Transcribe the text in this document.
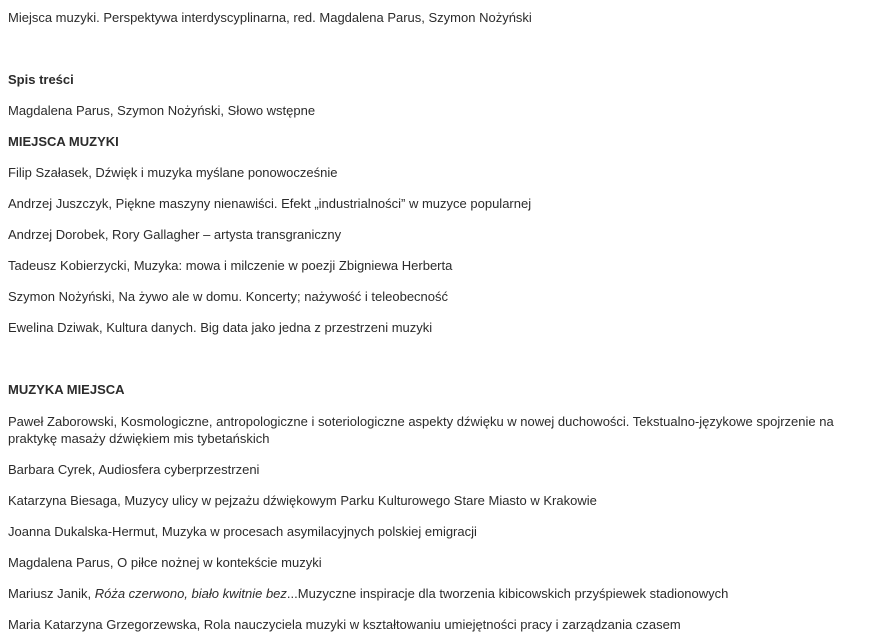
Miejsca muzyki. Perspektywa interdyscyplinarna, red. Magdalena Parus, Szymon Nożyński
Spis treści
Magdalena Parus, Szymon Nożyński, Słowo wstępne
MIEJSCA MUZYKI
Filip Szałasek, Dźwięk i muzyka myślane ponowocześnie
Andrzej Juszczyk, Piękne maszyny nienawiści. Efekt „industrialności” w muzyce popularnej
Andrzej Dorobek, Rory Gallagher – artysta transgraniczny
Tadeusz Kobierzycki, Muzyka: mowa i milczenie w poezji Zbigniewa Herberta
Szymon Nożyński, Na żywo ale w domu. Koncerty; nażywość i teleobecność
Ewelina Dziwak, Kultura danych. Big data jako jedna z przestrzeni muzyki
MUZYKA MIEJSCA
Paweł Zaborowski, Kosmologiczne, antropologiczne i soteriologiczne aspekty dźwięku w nowej duchowości. Tekstualno-językowe spojrzenie na praktykę masaży dźwiękiem mis tybetańskich
Barbara Cyrek, Audiosfera cyberprzestrzeni
Katarzyna Biesaga, Muzycy ulicy w pejzażu dźwiękowym Parku Kulturowego Stare Miasto w Krakowie
Joanna Dukalska-Hermut, Muzyka w procesach asymilacyjnych polskiej emigracji
Magdalena Parus, O piłce nożnej w kontekście muzyki
Mariusz Janik, Róża czerwono, biało kwitnie bez...Muzyczne inspiracje dla tworzenia kibicowskich przyśpiewek stadionowych
Maria Katarzyna Grzegorzewska, Rola nauczyciela muzyki w kształtowaniu umiejętności pracy i zarządzania czasem
